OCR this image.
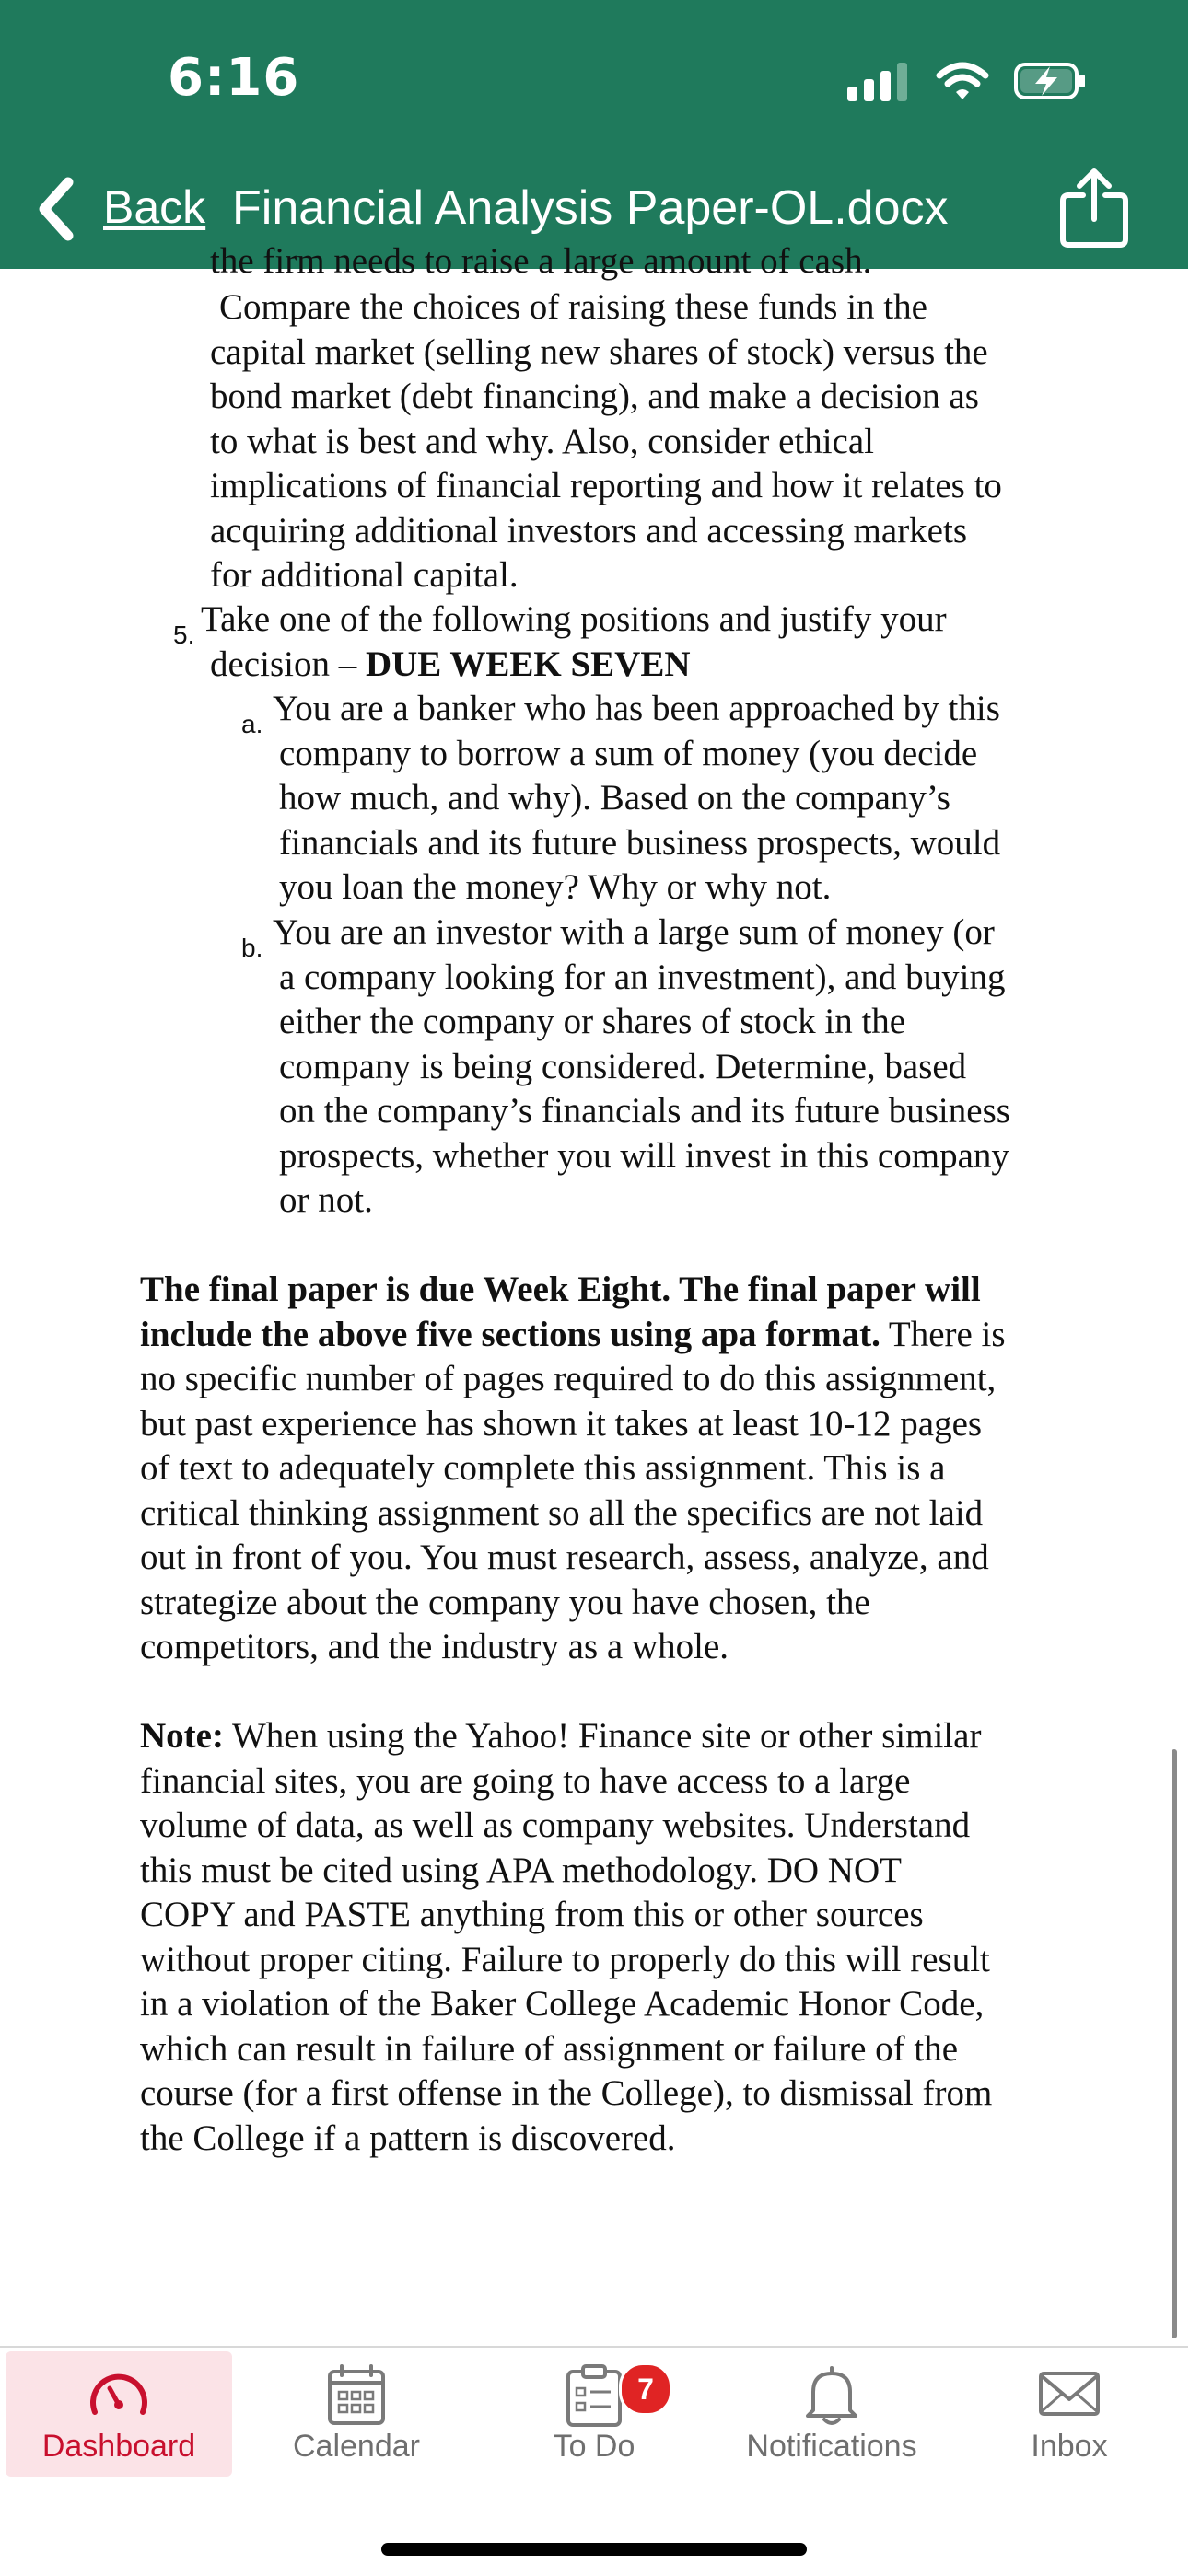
6:16
Back Financial Analysis Paper-OL.docx
the firm needs to raise a large amount of cash.
Compare the choices of raising these funds in the
capital market (selling new shares of stock) versus the
bond market (debt financing), and make a decision as
to what is best and why. Also, consider ethical
implications of financial reporting and how it relates to
acquiring additional investors and accessing markets
for additional capital.
5. Take one of the following positions and justify your
decision – DUE WEEK SEVEN
a. You are a banker who has been approached by this
company to borrow a sum of money (you decide
how much, and why). Based on the company’s
financials and its future business prospects, would
you loan the money? Why or why not.
b. You are an investor with a large sum of money (or
a company looking for an investment), and buying
either the company or shares of stock in the
company is being considered. Determine, based
on the company’s financials and its future business
prospects, whether you will invest in this company
or not.
The final paper is due Week Eight. The final paper will
include the above five sections using apa format. There is
no specific number of pages required to do this assignment,
but past experience has shown it takes at least 10-12 pages
of text to adequately complete this assignment. This is a
critical thinking assignment so all the specifics are not laid
out in front of you. You must research, assess, analyze, and
strategize about the company you have chosen, the
competitors, and the industry as a whole.
Note: When using the Yahoo! Finance site or other similar
financial sites, you are going to have access to a large
volume of data, as well as company websites. Understand
this must be cited using APA methodology. DO NOT
COPY and PASTE anything from this or other sources
without proper citing. Failure to properly do this will result
in a violation of the Baker College Academic Honor Code,
which can result in failure of assignment or failure of the
course (for a first offense in the College), to dismissal from
the College if a pattern is discovered.
Dashboard	Calendar
7
To Do	Notifications	Inbox
